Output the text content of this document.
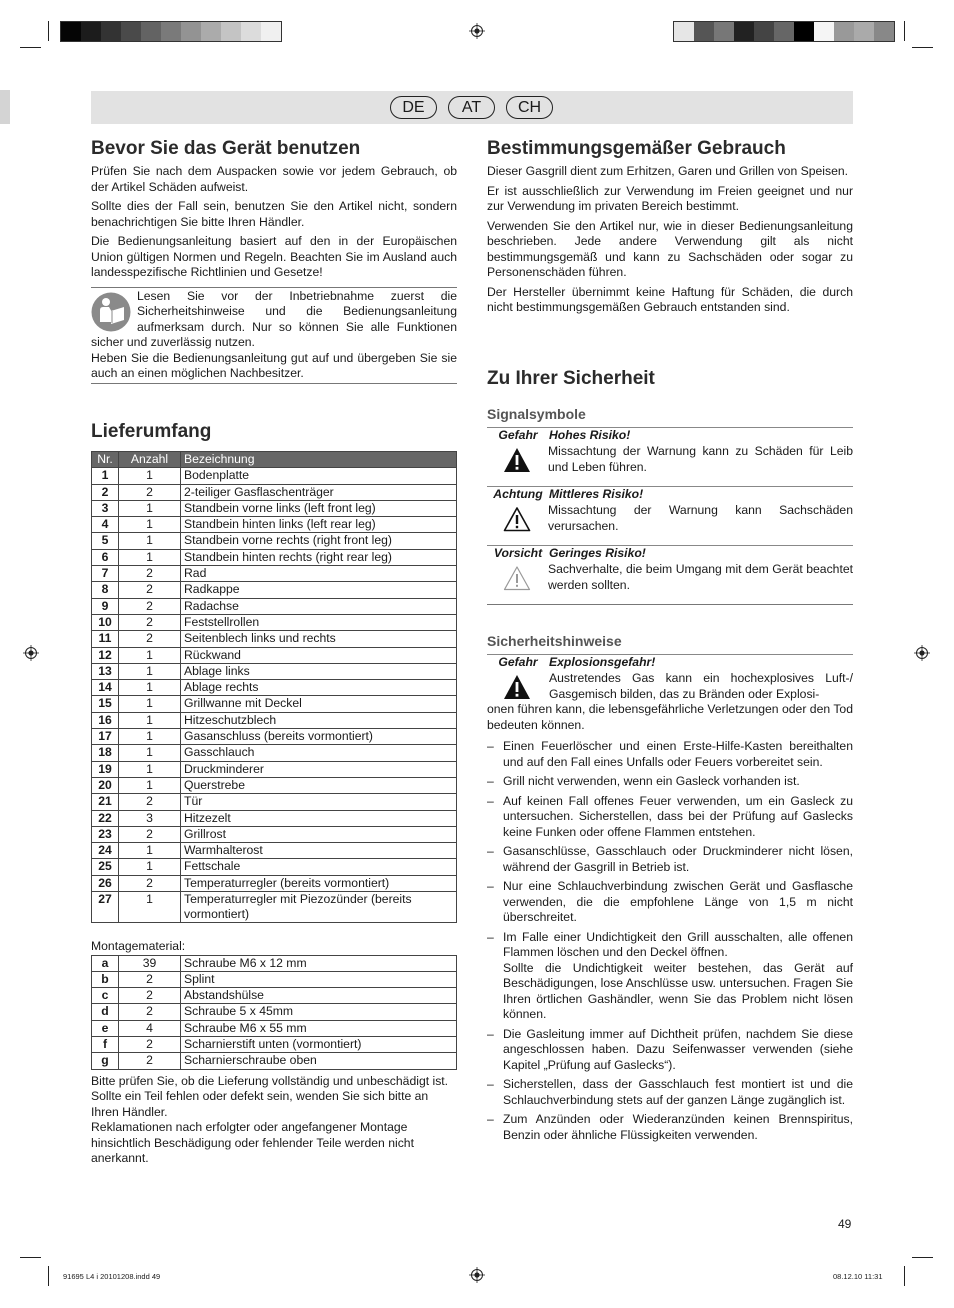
DE	AT	CH
Bevor Sie das Gerät benutzen

Prüfen Sie nach dem Auspacken sowie vor jedem Gebrauch, ob der Artikel Schäden aufweist.

Sollte dies der Fall sein, benutzen Sie den Artikel nicht, sondern benachrichtigen Sie bitte Ihren Händler.

Die Bedienungsanleitung basiert auf den in der Europäischen Union gültigen Normen und Regeln. Beachten Sie im Ausland auch landesspezifische Richtlinien und Gesetze!

Lesen Sie vor der Inbetriebnahme zuerst die Sicherheitshinweise und die Bedienungsanleitung aufmerksam durch. Nur so können Sie alle Funktionen sicher und zuverlässig nutzen.

Heben Sie die Bedienungsanleitung gut auf und übergeben Sie sie auch an einen möglichen Nachbesitzer.

Lieferumfang
Nr.	Anzahl	Bezeichnung
1	1	Bodenplatte
2	2	2-teiliger Gasflaschenträger
3	1	Standbein vorne links (left front leg)
4	1	Standbein hinten links (left rear leg)
5	1	Standbein vorne rechts (right front leg)
6	1	Standbein hinten rechts (right rear leg)
7	2	Rad
8	2	Radkappe
9	2	Radachse
10	2	Feststellrollen
11	2	Seitenblech links und rechts
12	1	Rückwand
13	1	Ablage links
14	1	Ablage rechts
15	1	Grillwanne mit Deckel
16	1	Hitzeschutzblech
17	1	Gasanschluss (bereits vormontiert)
18	1	Gasschlauch
19	1	Druckminderer
20	1	Querstrebe
21	2	Tür
22	3	Hitzezelt
23	2	Grillrost
24	1	Warmhalterost
25	1	Fettschale
26	2	Temperaturregler (bereits vormontiert)
27	1	Temperaturregler mit Piezozünder (bereits vormontiert)
Montagematerial:
a	39	Schraube M6 x 12 mm
b	2	Splint
c	2	Abstandshülse
d	2	Schraube 5 x 45mm
e	4	Schraube M6 x 55 mm
f	2	Scharnierstift unten (vormontiert)
g	2	Scharnierschraube oben

Bitte prüfen Sie, ob die Lieferung vollständig und unbeschädigt ist. Sollte ein Teil fehlen oder defekt sein, wenden Sie sich bitte an Ihren Händler.

Reklamationen nach erfolgter oder angefangener Montage hinsichtlich Beschädigung oder fehlender Teile werden nicht anerkannt.

Bestimmungsgemäßer Gebrauch

Dieser Gasgrill dient zum Erhitzen, Garen und Grillen von Speisen.

Er ist ausschließlich zur Verwendung im Freien geeignet und nur zur Verwendung im privaten Bereich bestimmt.

Verwenden Sie den Artikel nur, wie in dieser Bedienungsanleitung beschrieben. Jede andere Verwendung gilt als nicht bestimmungsgemäß und kann zu Sachschäden oder sogar zu Personenschäden führen.

Der Hersteller übernimmt keine Haftung für Schäden, die durch nicht bestimmungsgemäßen Gebrauch entstanden sind.

Zu Ihrer Sicherheit
Signalsymbole
Gefahr Hohes Risiko!
Missachtung der Warnung kann zu Schäden für Leib und Leben führen.
Achtung Mittleres Risiko!
Missachtung der Warnung kann Sachschäden verursachen.
Vorsicht Geringes Risiko!
Sachverhalte, die beim Umgang mit dem Gerät beachtet werden sollten.
Sicherheitshinweise
Gefahr Explosionsgefahr!
Austretendes Gas kann ein hochexplosives Luft-/ Gasgemisch bilden, das zu Bränden oder Explosi-
onen führen kann, die lebensgefährliche Verletzungen oder den Tod bedeuten können.
– Einen Feuerlöscher und einen Erste-Hilfe-Kasten bereithalten und auf den Fall eines Unfalls oder Feuers vorbereitet sein.
– Grill nicht verwenden, wenn ein Gasleck vorhanden ist.
– Auf keinen Fall offenes Feuer verwenden, um ein Gasleck zu untersuchen. Sicherstellen, dass bei der Prüfung auf Gaslecks keine Funken oder offene Flammen entstehen.
– Gasanschlüsse, Gasschlauch oder Druckminderer nicht lösen, während der Gasgrill in Betrieb ist.
– Nur eine Schlauchverbindung zwischen Gerät und Gasflasche verwenden, die die empfohlene Länge von 1,5 m nicht überschreitet.
– Im Falle einer Undichtigkeit den Grill ausschalten, alle offenen Flammen löschen und den Deckel öffnen.
Sollte die Undichtigkeit weiter bestehen, das Gerät auf Beschädigungen, lose Anschlüsse usw. untersuchen. Fragen Sie Ihren örtlichen Gashändler, wenn Sie das Problem nicht lösen können.
– Die Gasleitung immer auf Dichtheit prüfen, nachdem Sie diese angeschlossen haben. Dazu Seifenwasser verwenden (siehe Kapitel „Prüfung auf Gaslecks“).
– Sicherstellen, dass der Gasschlauch fest montiert ist und die Schlauchverbindung stets auf der ganzen Länge zugänglich ist.
– Zum Anzünden oder Wiederanzünden keinen Brennspiritus, Benzin oder ähnliche Flüssigkeiten verwenden.
49
91695 L4 i 20101208.indd 49	08.12.10 11:31
